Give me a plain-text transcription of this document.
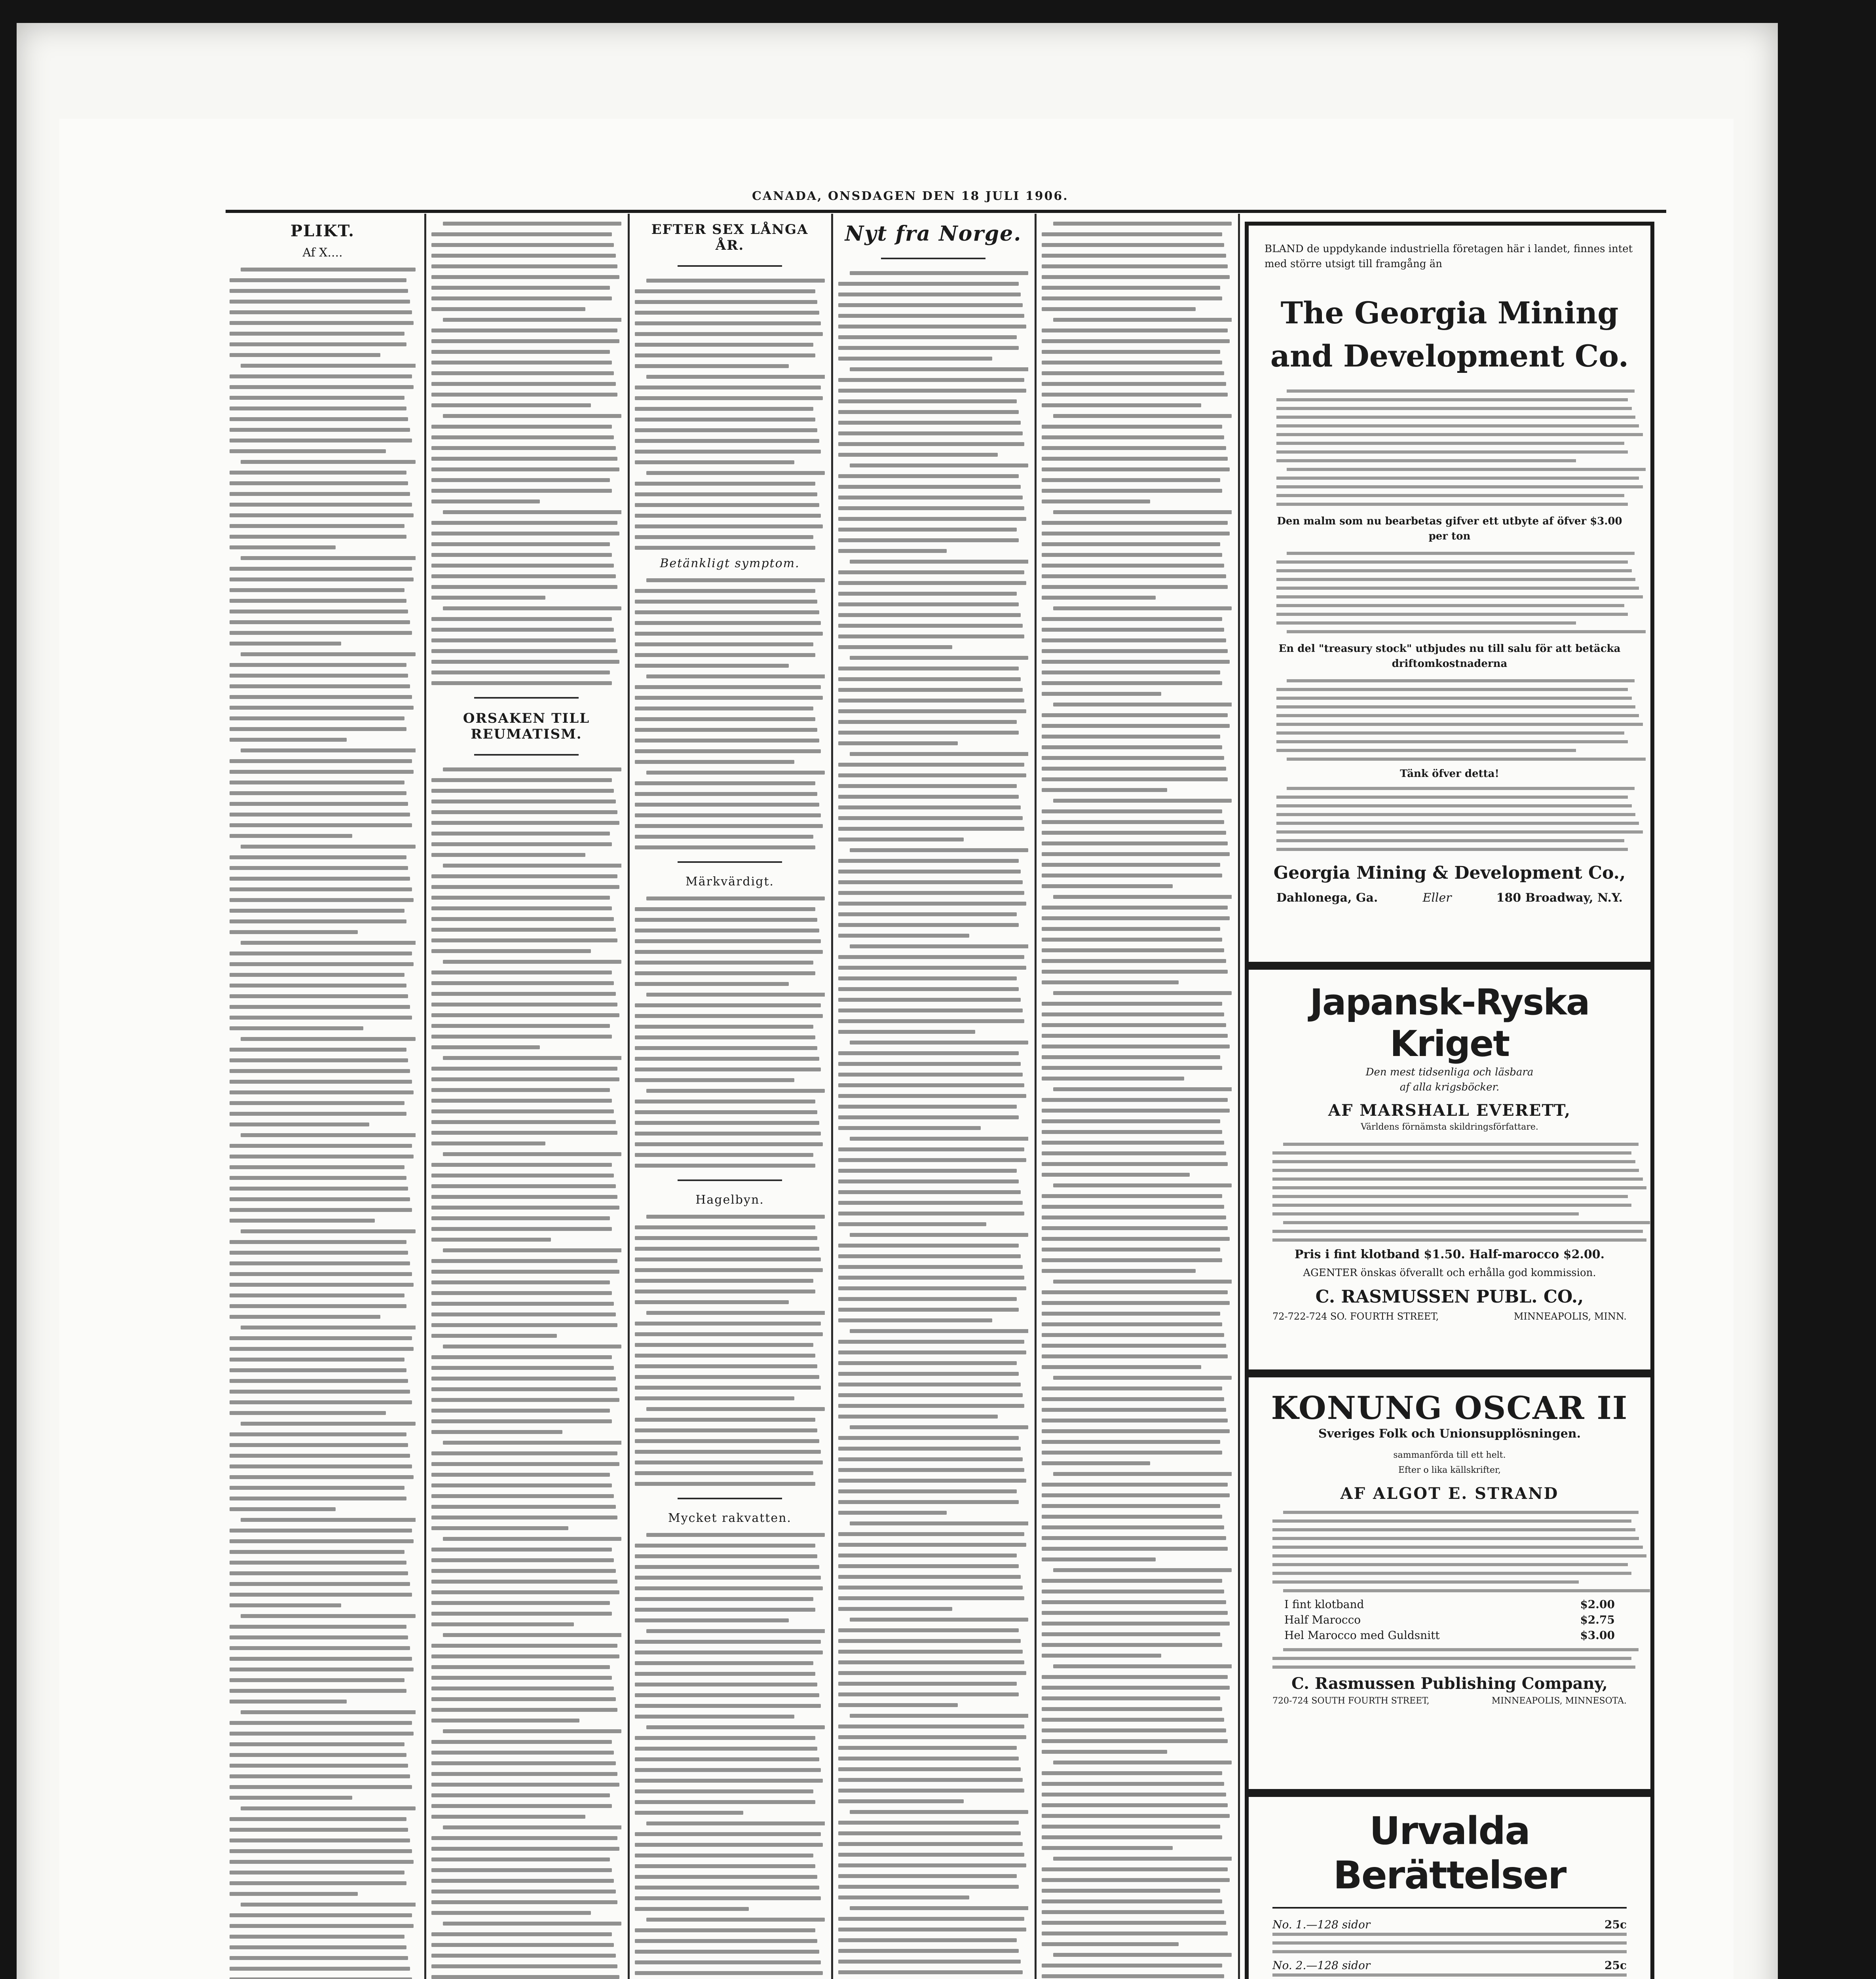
CANADA, ONSDAGEN DEN 18 JULI 1906.
PLIKT.
Af X....
ORSAKEN TILL REUMATISM.
EFTER SEX LÅNGA ÅR.
Betänkligt symptom.
Märkvärdigt.
Hagelbyn.
Mycket rakvatten.
Nyt fra Norge.
BLAND de uppdykande industriella företagen här i landet, finnes intet med större utsigt till framgång än
The Georgia Mining
and Development Co.
Den malm som nu bearbetas gifver ett utbyte af öfver $3.00 per ton
En del "treasury stock" utbjudes nu till salu för att betäcka driftomkostnaderna
Tänk öfver detta!
Georgia Mining & Development Co.,
Dahlonega, Ga.	Eller	180 Broadway, N.Y.
Japansk-Ryska Kriget
Den mest tidsenliga och läsbara
af alla krigsböcker.
AF MARSHALL EVERETT,
Världens förnämsta skildringsförfattare.
Pris i fint klotband $1.50. Half-marocco $2.00.
AGENTER önskas öfverallt och erhålla god kommission.
C. RASMUSSEN PUBL. CO.,
72-722-724 SO. FOURTH STREET,	MINNEAPOLIS, MINN.
KONUNG OSCAR II
Sveriges Folk och Unionsupplösningen.
sammanförda till ett helt.
Efter o lika källskrifter,
AF ALGOT E. STRAND
I fint klotband	$2.00
Half Marocco	$2.75
Hel Marocco med Guldsnitt	$3.00
C. Rasmussen Publishing Company,
720-724 SOUTH FOURTH STREET,	MINNEAPOLIS, MINNESOTA.
Urvalda Berättelser
No. 1.—128 sidor	25c
No. 2.—128 sidor	25c
